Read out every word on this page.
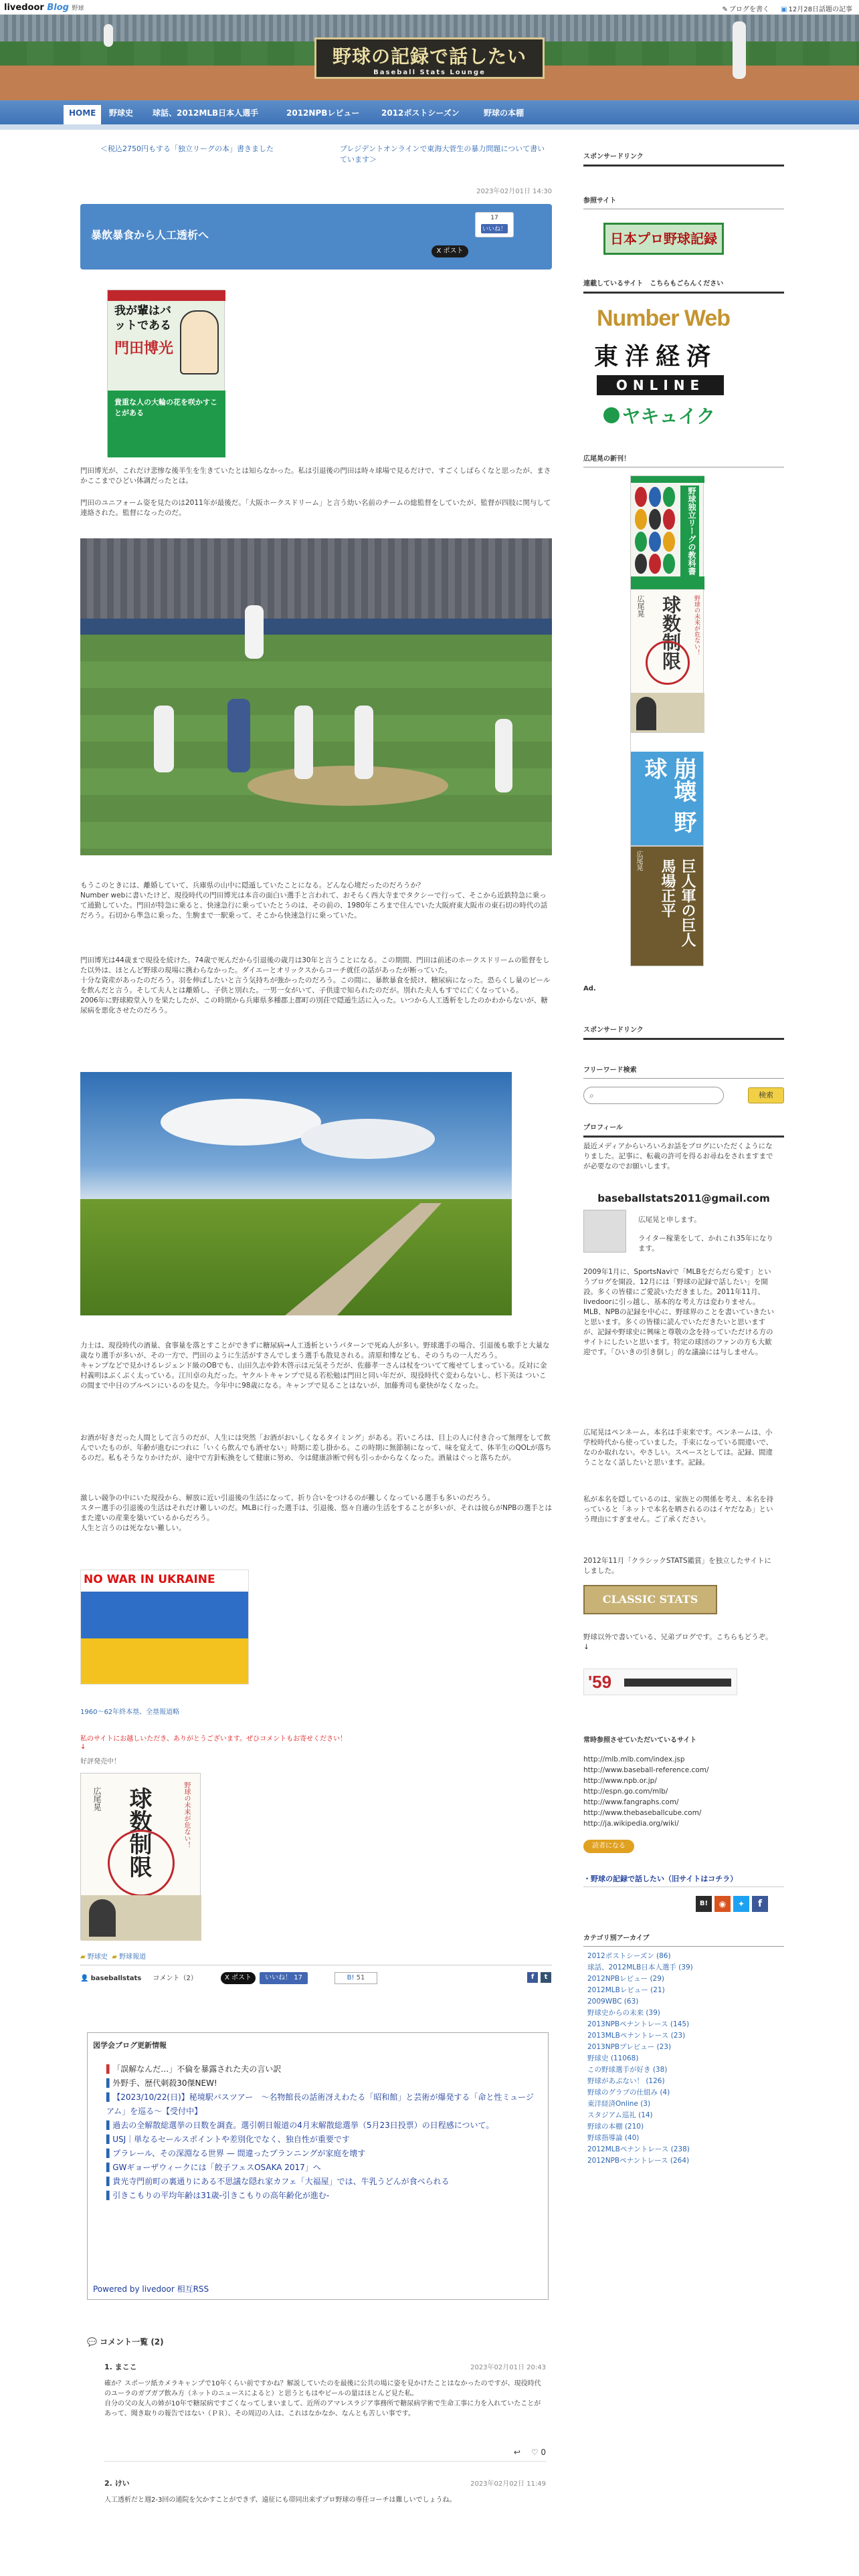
livedoor Blog 野球	✎ ブログを書く ▣ 12月28日話題の記事
野球の記録で話したい
Baseball Stats Lounge
HOME	野球史 球話、2012MLB日本人選手	2012NPBレビュー	2012ポストシーズン	野球の本棚
＜税込2750円もする「独立リーグの本」書きました	プレジデントオンラインで東海大菅生の暴力問題について書いています＞
2023年02月01日 14:30
暴飲暴食から人工透析へ
17
いいね！
X ポスト
我が輩はバットである
門田博光
貴重な人の大輪の花を咲かすことがある
門田博光が、これだけ悲惨な後半生を生きていたとは知らなかった。私は引退後の門田は時々球場で見るだけで、すごくしばらくなと思ったが、まさかここまでひどい体調だったとは。
門田のユニフォーム姿を見たのは2011年が最後だ。「大阪ホークスドリーム」と言う幼い名前のチームの総監督をしていたが、監督が四肢に関与して連絡された。監督になったのだ。
もうこのときには、離婚していて、兵庫県の山中に隠遁していたことになる。どんな心境だったのだろうか？
Number webに書いたけど、現役時代の門田博光は本音の面白い選手と言われて、おそらく西大寺までタクシーで行って、そこから近鉄特急に乗って通勤していた。門田が特急に乗ると、快速急行に乗っていたとうのは、その前の、1980年ころまで住んでいた大阪府東大阪市の東石切の時代の話だろう。石切から準急に乗った、生駒まで一駅乗って、そこから快速急行に乗っていた。
門田博光は44歳まで現役を続けた。74歳で死んだから引退後の歳月は30年と言うことになる。この期間、門田は前述のホークスドリームの監督をした以外は、ほとんど野球の現場に携わらなかった。ダイエーとオリックスからコーチ就任の話があったが断っていた。
十分な資産があったのだろう。羽を伸ばしたいと言う気持ちが強かったのだろう。この間に、暴飲暴食を続け、糖尿病になった。恐らくし量のビールを飲んだと言う。そして夫人とは離婚し、子供と別れた。一男一女がいて、子供達で知られたのだが。別れた夫人もすでに亡くなっている。
2006年に野球殿堂入りを果たしたが、この時期から兵庫県多種郡上郡町の別荘で隠遁生活に入った。いつから人工透析をしたのかわからないが、糖尿病を悪化させたのだろう。
力士は、現役時代の酒量、食事量を落とすことができずに糖尿病→人工透析というパターンで死ぬ人が多い。野球選手の場合、引退後も歌手と大量な歳なり選手が多いが、その一方で、門田のように生活がすさんでしまう選手も散見される。清原和博なども、そのうちの一人だろう。
キャンプなどで見かけるレジェンド級のOBでも、山田久志や鈴木啓示は元気そうだが、佐藤孝一さんは杖をついてて痩せてしまっている。反対に金村義明はぶくぶく太っている。江川卓の丸だった。ヤクルトキャンプで見る若松勉は門田と同い年だが、現役時代ぐ変わらないし、杉下英は ついこの間まで中日のブルペンにいるのを見た。今年中に98歳になる。キャンプで見ることはないが、加藤秀司も豪快がなくなった。
お酒が好きだった人間として言うのだが、人生には突然「お酒がおいしくなるタイミング」がある。若いころは、目上の人に付き合って無理をして飲んでいたものが、年齢が進むにつれに「いくら飲んでも酒せない」時期に差し掛かる。この時期に無節制になって、味を覚えて、体半生のQOLが落ちるのだ。私もそうなりかけたが、途中で方針転換をして健康に努め、今は健康診断で何も引っかからなくなった。酒量はぐっと落ちたが。
激しい競争の中にいた現役から、解放に近い引退後の生活になって、折り合いをつけるのが難しくなっている選手も多いのだろう。
スター選手の引退後の生活はそれだけ難しいのだ。MLBに行った選手は、引退後、悠々自適の生活をすることが多いが、それは彼らがNPBの選手とはまた違いの産業を築いているからだろう。
人生と言うのは死なない難しい。
NO WAR IN UKRAINE
1960～62年終本塁、全塁報道略
私のサイトにお越しいただき、ありがとうございます。ぜひコメントもお寄せください！
↓
好評発売中！
球数制限
広尾晃	野球の未来が危ない！
▰ 野球史 ▰ 野球報道
👤 baseballstats コメント（2）	X ポスト	いいね！ 17	B! 51	f	t
図学会ブログ更新情報
▌「誤解なんだ…」不倫を暴露された夫の言い訳
▌外野手、歴代刺殺30傑NEW!
▌【2023/10/22(日)】秘境駅バスツアー　〜名物館長の話術冴えわたる「昭和館」と芸術が爆発する「命と性ミュージアム」を巡る〜【受付中】
▌過去の全解散総選挙の日数を調査。選引朝日報道の4月末解散総選挙（5月23日投票）の日程感について。
▌USJ｜単なるセールスポイントや差別化でなく、独自性が重要です
▌プラレール、その深淵なる世界 — 間違ったプランニングが家庭を壊す
▌GWギョーザウィークには「餃子フェスOSAKA 2017」へ
▌貴光寺門前町の裏通りにある不思議な隠れ家カフェ「大福屋」では、牛乳うどんが食べられる
▌引きこもりの平均年齢は31歳-引きこもりの高年齢化が進む-
Powered by livedoor 相互RSS
💬 コメント一覧 (2)
1. まここ	2023年02月01日 20:43
確か？スポーツ紙カメラキャンプで10年くらい前ですかね？解説していたのを最後に公共の場に姿を見かけたことはなかったのですが、現役時代のユーラのガブガブ飲み方（ネットのニュースによると）と思うともはやビールの量はほとんど見た私。
自分の父の友人の姉が10年で糖尿病ですごくなってしまいまして、近所のアマレスラジア事務所で糖尿病学術で生命工事に力を入れていたことがあって、聞き取りの報告ではない（ＰＲ）、その周辺の人は、これはなかなか、なんとも苦しい事です。
↩ ♡ 0
2. けい	2023年02月02日 11:49
人工透析だと週2-3回の通院を欠かすことができず、遠征にも帯同出来ずプロ野球の専任コーチは難しいでしょうね。
スポンサードリンク
参照サイト
日本プロ野球記録
連載しているサイト　こちらもごらんください
Number Web
東洋経済
ONLINE
ヤキュイク
広尾晃の新刊！
野球独立リーグの教科書
広尾晃 球数制限 野球の未来が危ない！
崩壊 野球
巨人軍の巨人 馬場正平
広尾晃
Ad.
スポンサードリンク
フリーワード検索
⌕	検索
プロフィール
最近メディアからいろいろお話をブログにいただくようになりました。記事に、転載の許可を得るお尋ねをされますまでが必要なのでお願いします。
baseballstats2011@gmail.com
広尾晃と申します。
ライター稼業をして、かれこれ35年になります。
2009年1月に、SportsNaviで「MLBをだらだら愛す」というブログを開設、12月には「野球の記録で話したい」を開設。多くの皆様にご愛読いただきました。2011年11月、livedoorに引っ越し、基本的な考え方は変わりません。MLB、NPBの記録を中心に、野球界のことを書いていきたいと思います。多くの皆様に読んでいただきたいと思いますが、記録や野球史に興味と尊敬の念を持っていただける方のサイトにしたいと思います。特定の球団のファンの方も大歓迎です。「ひいきの引き倒し」的な議論には与しません。
広尾晃はペンネーム。本名は手束来です。ペンネームは、小学校時代から使っていました。手束になっている間違いで、なのか取れない。やさしい。スペースとしては。記録、間違うことなく話したいと思います。記録。
私が本名を隠しているのは、家族との関係を考え、本名を持っていると「ネットで本名を晒されるのはイヤだなあ」という理由にすぎません。ご了承ください。
2012年11月「クラシックSTATS鑑賞」を独立したサイトにしました。
CLASSIC STATS
野球以外で書いている、兄弟ブログです。こちらもどうぞ。↓
'59
常時参照させていただいているサイト
http://mlb.mlb.com/index.jsp
http://www.baseball-reference.com/
http://www.npb.or.jp/
http://espn.go.com/mlb/
http://www.fangraphs.com/
http://www.thebaseballcube.com/
http://ja.wikipedia.org/wiki/
読者になる
・野球の記録で話したい（旧サイトはコチラ）
B!	◉	✦	f
カテゴリ別アーカイブ
2012ポストシーズン (86)
球話、2012MLB日本人選手 (39)
2012NPBレビュー (29)
2012MLBレビュー (21)
2009WBC (63)
野球史からの未来 (39)
2013NPBペナントレース (145)
2013MLBペナントレース (23)
2013NPBプレビュー (23)
野球史 (11068)
この野球選手が好き (38)
野球があぶない！ (126)
野球のグラブの仕組み (4)
東洋経済Online (3)
スタジアム巡礼 (14)
野球の本棚 (210)
野球指導論 (40)
2012MLBペナントレース (238)
2012NPBペナントレース (264)
